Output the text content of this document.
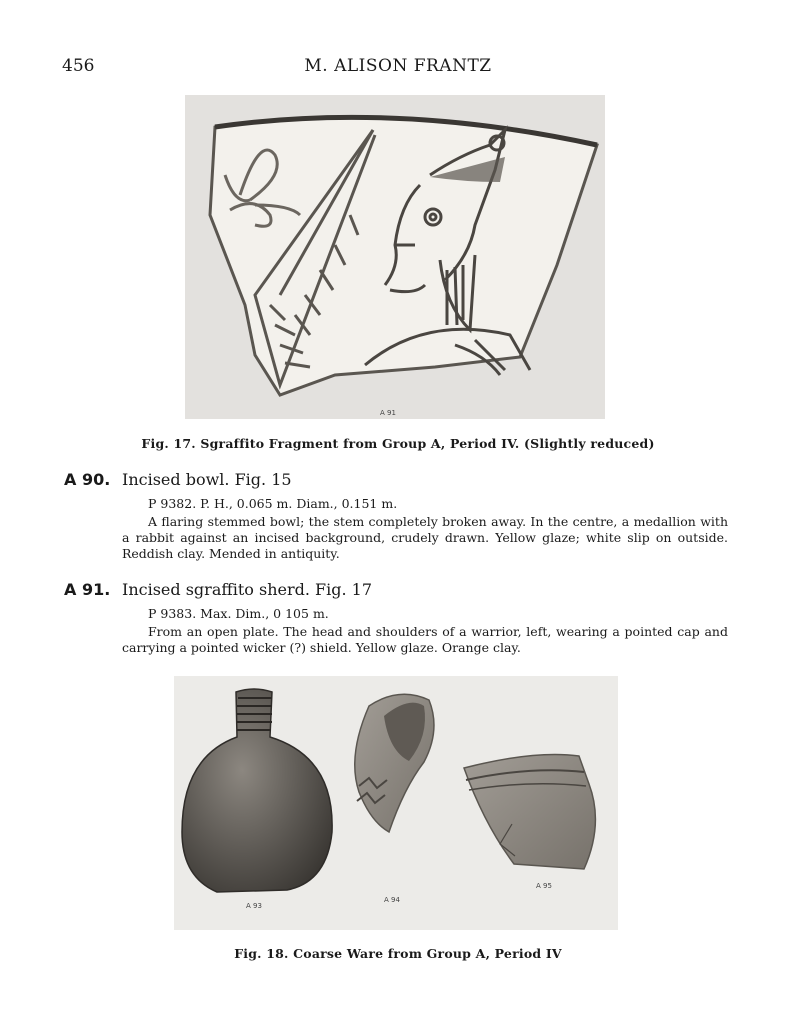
456	M. ALISON FRANTZ
A 91
Fig. 17. Sgraffito Fragment from Group A, Period IV. (Slightly reduced)
A 90. Incised bowl. Fig. 15
P 9382. P. H., 0.065 m. Diam., 0.151 m.
A flaring stemmed bowl; the stem completely broken away. In the centre, a medallion with a rabbit against an incised background, crudely drawn. Yellow glaze; white slip on outside. Reddish clay. Mended in antiquity.
A 91. Incised sgraffito sherd. Fig. 17
P 9383. Max. Dim., 0 105 m.
From an open plate. The head and shoulders of a warrior, left, wearing a pointed cap and carrying a pointed wicker (?) shield. Yellow glaze. Orange clay.
A 93
A 94
A 95
Fig. 18. Coarse Ware from Group A, Period IV
